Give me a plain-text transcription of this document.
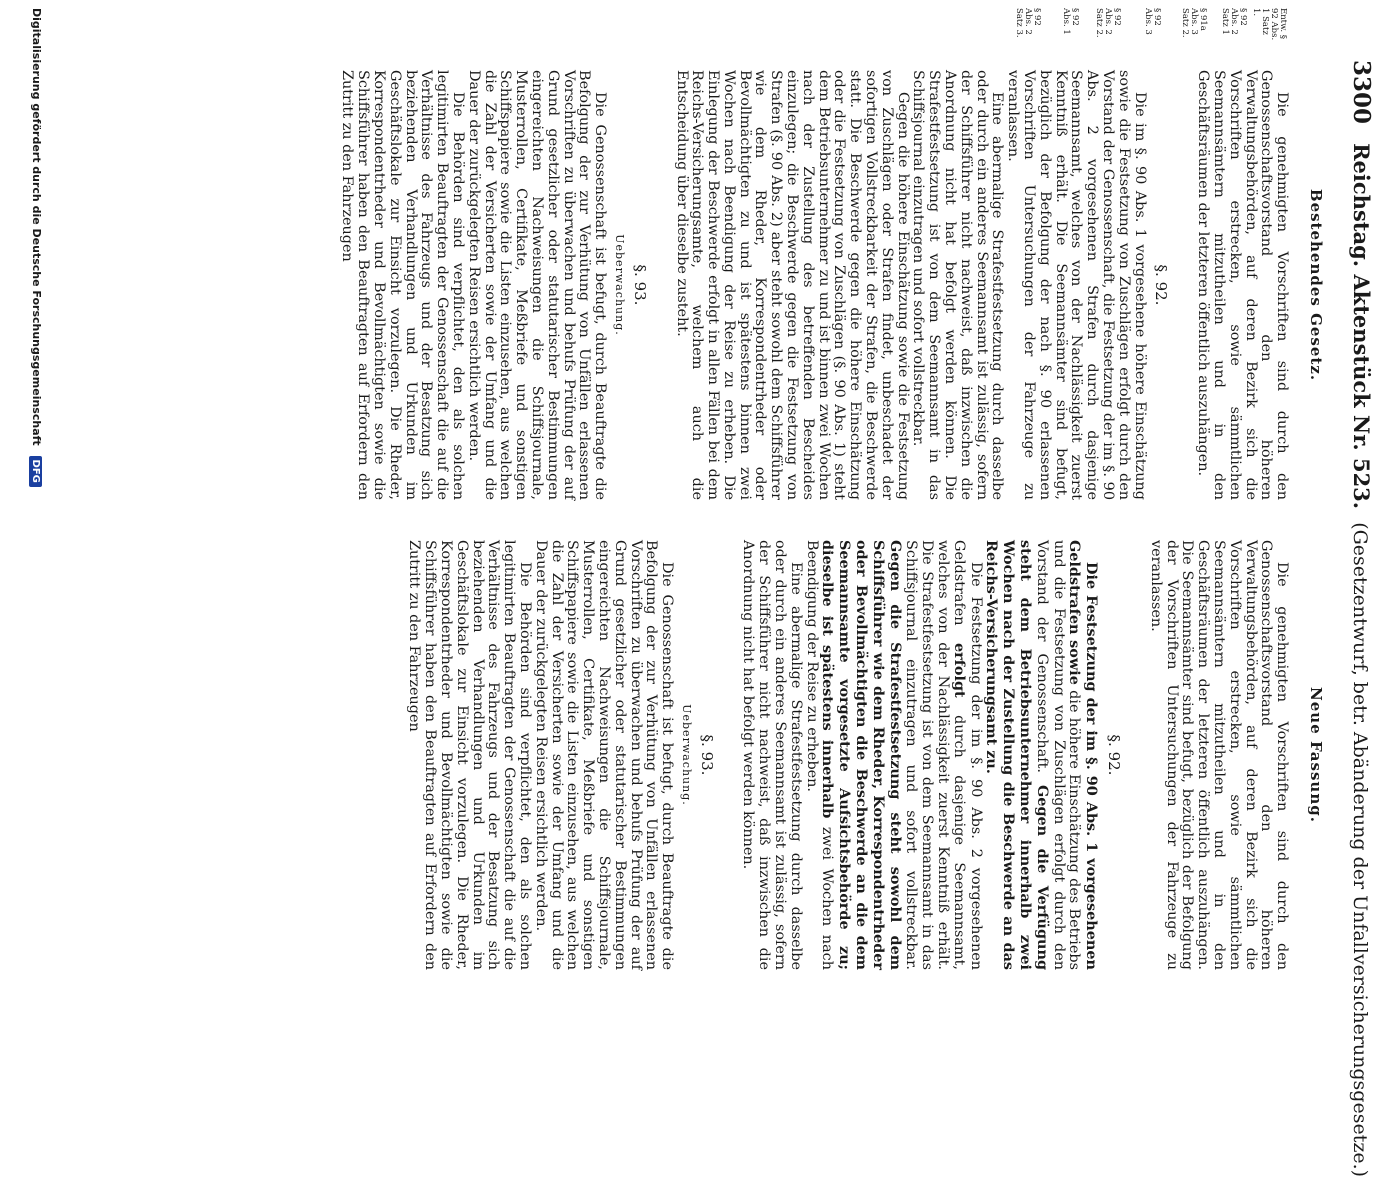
3300 Reichstag. Aktenstück Nr. 523. (Gesetzentwurf, betr. Abänderung der Unfallversicherungsgesetze.)
Entw. § 92 Abs. 1 Satz 1.
§ 92 Abs. 2 Satz 1
§ 91a Abs. 3 Satz 2.
§ 92 Abs. 3
§ 92 Abs. 2 Satz 2.
§ 92 Abs. 1
§ 92 Abs. 2 Satz 3.
Bestehendes Gesetz.

Die genehmigten Vorschriften sind durch den Genossenschaftsvorstand den höheren Verwaltungsbehörden, auf deren Bezirk sich die Vorschriften erstrecken, sowie sämmtlichen Seemannsämtern mitzutheilen und in den Geschäftsräumen der letzteren öffentlich auszuhängen.

§. 92.

Die im §. 90 Abs. 1 vorgesehene höhere Einschätzung sowie die Festsetzung von Zuschlägen erfolgt durch den Vorstand der Genossenschaft, die Festsetzung der im §. 90 Abs. 2 vorgesehenen Strafen durch dasjenige Seemannsamt, welches von der Nachlässigkeit zuerst Kenntniß erhält. Die Seemannsämter sind befugt, bezüglich der Befolgung der nach §. 90 erlassenen Vorschriften Untersuchungen der Fahrzeuge zu veranlassen.

Eine abermalige Strafestfestsetzung durch dasselbe oder durch ein anderes Seemannsamt ist zulässig, sofern der Schiffsführer nicht nachweist, daß inzwischen die Anordnung nicht hat befolgt werden können. Die Strafestfestsetzung ist von dem Seemannsamt in das Schiffsjournal einzutragen und sofort vollstreckbar.

Gegen die höhere Einschätzung sowie die Festsetzung von Zuschlägen oder Strafen findet, unbeschadet der sofortigen Vollstreckbarkeit der Strafen, die Beschwerde statt. Die Beschwerde gegen die höhere Einschätzung oder die Festsetzung von Zuschlägen (§. 90 Abs. 1) steht dem Betriebsunternehmer zu und ist binnen zwei Wochen nach der Zustellung des betreffenden Bescheides einzulegen; die Beschwerde gegen die Festsetzung von Strafen (§. 90 Abs. 2) aber steht sowohl dem Schiffsführer wie dem Rheder, Korrespondentrheder oder Bevollmächtigten zu und ist spätestens binnen zwei Wochen nach Beendigung der Reise zu erheben. Die Einlegung der Beschwerde erfolgt in allen Fällen bei dem Reichs-Versicherungsamte, welchem auch die Entscheidung über dieselbe zusteht.

§. 93.
Ueberwachung.

Die Genossenschaft ist befugt, durch Beauftragte die Befolgung der zur Verhütung von Unfällen erlassenen Vorschriften zu überwachen und behufs Prüfung der auf Grund gesetzlicher oder statutarischer Bestimmungen eingereichten Nachweisungen die Schiffsjournale, Musterrollen, Certifikate, Meßbriefe und sonstigen Schiffspapiere sowie die Listen einzusehen, aus welchen die Zahl der Versicherten sowie der Umfang und die Dauer der zurückgelegten Reisen ersichtlich werden.

Die Behörden sind verpflichtet, den als solchen legitimirten Beauftragten der Genossenschaft die auf die Verhältnisse des Fahrzeugs und der Besatzung sich beziehenden Verhandlungen und Urkunden im Geschäftslokale zur Einsicht vorzulegen. Die Rheder, Korrespondentrheder und Bevollmächtigten sowie die Schiffsführer haben den Beauftragten auf Erfordern den Zutritt zu den Fahrzeugen

Neue Fassung.

Die genehmigten Vorschriften sind durch den Genossenschaftsvorstand den höheren Verwaltungsbehörden, auf deren Bezirk sich die Vorschriften erstrecken, sowie sämmtlichen Seemannsämtern mitzutheilen und in den Geschäftsräumen der letzteren öffentlich auszuhängen. Die Seemannsämter sind befugt, bezüglich der Befolgung der Vorschriften Untersuchungen der Fahrzeuge zu veranlassen.

§. 92.

Die Festsetzung der im §. 90 Abs. 1 vorgesehenen Geldstrafen sowie die höhere Einschätzung des Betriebs und die Festsetzung von Zuschlägen erfolgt durch den Vorstand der Genossenschaft. Gegen die Verfügung steht dem Betriebsunternehmer innerhalb zwei Wochen nach der Zustellung die Beschwerde an das Reichs-Versicherungsamt zu.

Die Festsetzung der im §. 90 Abs. 2 vorgesehenen Geldstrafen erfolgt durch dasjenige Seemannsamt, welches von der Nachlässigkeit zuerst Kenntniß erhält. Die Strafestfestsetzung ist von dem Seemannsamt in das Schiffsjournal einzutragen und sofort vollstreckbar. Gegen die Strafestfestsetzung steht sowohl dem Schiffsführer wie dem Rheder, Korrespondentrheder oder Bevollmächtigten die Beschwerde an die dem Seemannsamte vorgesetzte Aufsichtsbehörde zu; dieselbe ist spätestens innerhalb zwei Wochen nach Beendigung der Reise zu erheben.

Eine abermalige Strafestfestsetzung durch dasselbe oder durch ein anderes Seemannsamt ist zulässig, sofern der Schiffsführer nicht nachweist, daß inzwischen die Anordnung nicht hat befolgt werden können.

§. 93.
Ueberwachung.

Die Genossenschaft ist befugt, durch Beauftragte die Befolgung der zur Verhütung von Unfällen erlassenen Vorschriften zu überwachen und behufs Prüfung der auf Grund gesetzlicher oder statutarischer Bestimmungen eingereichten Nachweisungen die Schiffsjournale, Musterrollen, Certifikate, Meßbriefe und sonstigen Schiffspapiere sowie die Listen einzusehen, aus welchen die Zahl der Versicherten sowie der Umfang und die Dauer der zurückgelegten Reisen ersichtlich werden.

Die Behörden sind verpflichtet, den als solchen legitimirten Beauftragten der Genossenschaft die auf die Verhältnisse des Fahrzeugs und der Besatzung sich beziehenden Verhandlungen und Urkunden im Geschäftslokale zur Einsicht vorzulegen. Die Rheder, Korrespondentrheder und Bevollmächtigten sowie die Schiffsführer haben den Beauftragten auf Erfordern den Zutritt zu den Fahrzeugen

Digitalisierung gefördert durch die Deutsche Forschungsgemeinschaft DFG
